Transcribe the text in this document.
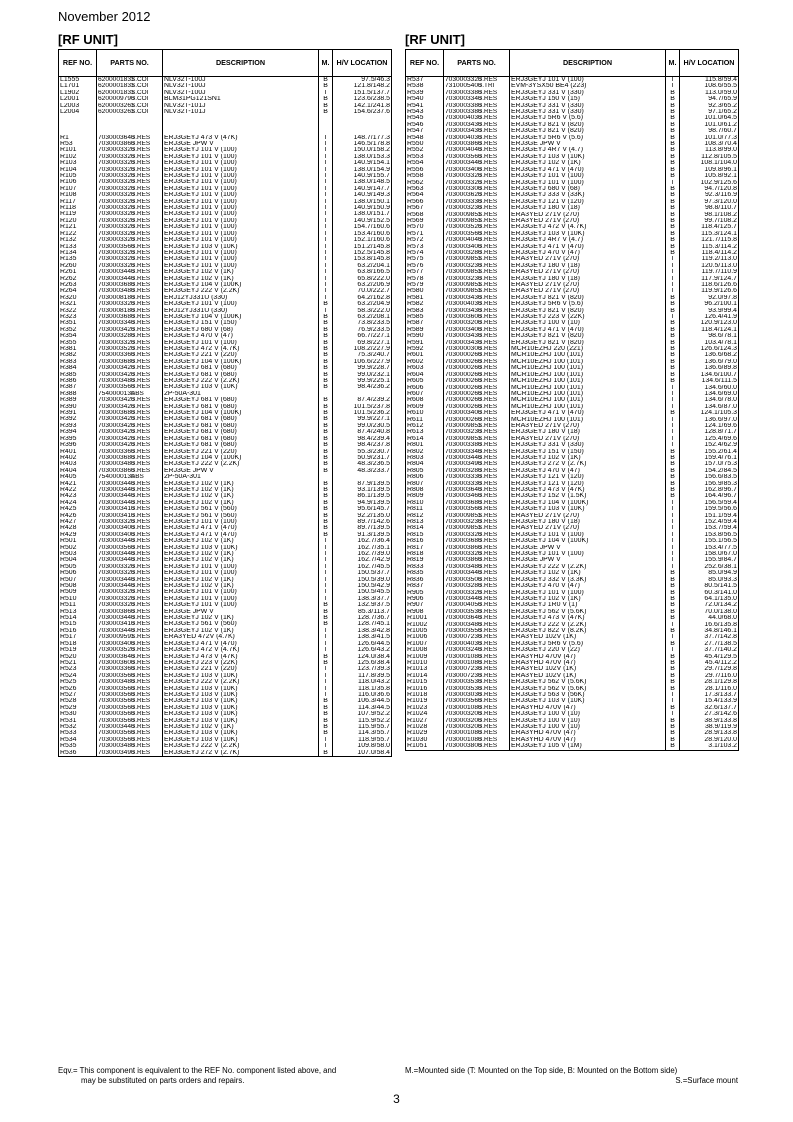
November 2012
[RF UNIT]	[RF UNIT]
REF NO.	PARTS NO.	DESCRIPTION	M.	H/V LOCATION
L1555	6200001831S.COI	NLV32T-100J	B	97.5/46.3
L1701	6200001831S.COI	NLV32T-100J	B	121.8/148.2
L1902	6200001831S.COI	NLV32T-100J	T	151.5/137.7
L2001	6200009790S.COI	BLM31PG121SN1	B	123.6/238.5
L2003	6200003261S.COI	NLV32T-101J	B	142.1/241.8
L2004	6200003261S.COI	NLV32T-101J	B	154.6/237.6

R1	7030003640S.RES	ERJ3GEYJ 473 V (47K)	T	148.7/177.3
R53	7030003860S.RES	ERJ3GE JPW V	T	146.5/178.8
R101	7030003320S.RES	ERJ3GEYJ 101 V (100)	T	150.0/158.2
R102	7030003320S.RES	ERJ3GEYJ 101 V (100)	T	138.0/153.3
R103	7030003320S.RES	ERJ3GEYJ 101 V (100)	T	140.9/154.1
R104	7030003320S.RES	ERJ3GEYJ 101 V (100)	T	138.0/154.9
R105	7030003320S.RES	ERJ3GEYJ 101 V (100)	T	140.9/155.7
R106	7030003320S.RES	ERJ3GEYJ 101 V (100)	T	138.0/148.5
R107	7030003320S.RES	ERJ3GEYJ 101 V (100)	T	140.9/147.7
R108	7030003320S.RES	ERJ3GEYJ 101 V (100)	T	140.9/149.3
R117	7030003320S.RES	ERJ3GEYJ 101 V (100)	T	138.0/150.1
R118	7030003320S.RES	ERJ3GEYJ 101 V (100)	T	140.9/150.9
R119	7030003320S.RES	ERJ3GEYJ 101 V (100)	T	138.0/151.7
R120	7030003320S.RES	ERJ3GEYJ 101 V (100)	T	140.9/152.5
R121	7030003320S.RES	ERJ3GEYJ 101 V (100)	T	154.7/160.6
R122	7030003320S.RES	ERJ3GEYJ 101 V (100)	T	153.4/160.6
R132	7030003320S.RES	ERJ3GEYJ 101 V (100)	T	152.1/160.6
R133	7030003560S.RES	ERJ3GEYJ 103 V (10K)	T	151.2/145.8
R134	7030003320S.RES	ERJ3GEYJ 101 V (100)	T	152.5/145.8
R135	7030003320S.RES	ERJ3GEYJ 101 V (100)	T	153.8/145.8
R260	7030003320S.RES	ERJ3GEYJ 101 V (100)	T	63.2/204.1
R261	7030003440S.RES	ERJ3GEYJ 102 V (1K)	T	63.8/166.5
R262	7030003440S.RES	ERJ3GEYJ 102 V (1K)	T	65.8/222.0
R263	7030003680S.RES	ERJ3GEYJ 104 V (100K)	T	63.2/206.9
R264	7030003480S.RES	ERJ3GEYJ 222 V (2.2K)	T	70.0/222.7
R320	7030008180S.RES	ERJ12YJ331U (330)	T	64.2/162.8
R321	7030003320S.RES	ERJ3GEYJ 101 V (100)	B	63.2/204.9
R322	7030008180S.RES	ERJ12YJ331U (330)	T	58.3/222.0
R323	7030003680S.RES	ERJ3GEYJ 104 V (100K)	B	63.2/208.1
R351	7030003340S.RES	ERJ3GEYJ 151 V (150)	B	73.8/233.5
R352	7030003420S.RES	ERJ3GEYJ 680 V (68)	B	76.9/233.5
R354	7030003280S.RES	ERJ3GEYJ 470 V (47)	B	66.7/227.1
R355	7030003320S.RES	ERJ3GEYJ 101 V (100)	B	69.8/227.1
R381	7030003520S.RES	ERJ3GEYJ 472 V (4.7K)	B	108.2/227.9
R382	7030003360S.RES	ERJ3GEYJ 221 V (220)	B	75.3/240.7
R383	7030003680S.RES	ERJ3GEYJ 104 V (100K)	B	106.6/227.9
R384	7030003420S.RES	ERJ3GEYJ 681 V (680)	B	99.9/228.7
R385	7030003420S.RES	ERJ3GEYJ 681 V (680)	B	99.0/232.1
R386	7030003480S.RES	ERJ3GEYJ 222 V (2.2K)	B	99.9/225.1
R387	7030003560S.RES	ERJ3GEYJ 103 V (10K)	B	98.4/236.2
R388	7540000130ABS	2P-50A-301		
R389	7030003420S.RES	ERJ3GEYJ 681 V (680)	B	87.4/239.2
R390	7030003420S.RES	ERJ3GEYJ 681 V (680)	B	101.5/237.8
R391	7030003680S.RES	ERJ3GEYJ 104 V (100K)	B	101.5/236.2
R392	7030003420S.RES	ERJ3GEYJ 681 V (680)	B	99.9/227.1
R393	7030003420S.RES	ERJ3GEYJ 681 V (680)	B	99.0/230.5
R394	7030003420S.RES	ERJ3GEYJ 681 V (680)	B	87.4/240.8
R395	7030003420S.RES	ERJ3GEYJ 681 V (680)	B	98.4/239.4
R396	7030003420S.RES	ERJ3GEYJ 681 V (680)	B	98.4/237.8
R401	7030003360S.RES	ERJ3GEYJ 221 V (220)	B	55.3/230.7
R402	7030003680S.RES	ERJ3GEYJ 104 V (100K)	B	50.9/231.7
R403	7030003480S.RES	ERJ3GEYJ 222 V (2.2K)	B	48.3/236.5
R404	7030003860S.RES	ERJ3GE JPW V	B	48.3/233.7
R405	7540000130ABS	2P-50A-301		
R421	7030003440S.RES	ERJ3GEYJ 102 V (1K)	B	87.9/139.5
R422	7030003440S.RES	ERJ3GEYJ 102 V (1K)	B	93.1/139.5
R423	7030003440S.RES	ERJ3GEYJ 102 V (1K)	B	86.1/139.5
R424	7030003440S.RES	ERJ3GEYJ 102 V (1K)	B	94.9/139.5
R425	7030003410S.RES	ERJ3GEYJ 561 V (560)	B	95.6/145.7
R426	7030003410S.RES	ERJ3GEYJ 561 V (560)	B	92.2/135.0
R427	7030003320S.RES	ERJ3GEYJ 101 V (100)	B	89.7/142.6
R428	7030003400S.RES	ERJ3GEYJ 471 V (470)	B	89.7/139.5
R429	7030003400S.RES	ERJ3GEYJ 471 V (470)	B	91.3/139.5
R501	7030003440S.RES	ERJ3GEYJ 102 V (1K)	T	162.7/36.4
R502	7030003560S.RES	ERJ3GEYJ 103 V (10K)	T	162.7/35.1
R503	7030003440S.RES	ERJ3GEYJ 102 V (1K)	T	162.7/39.0
R504	7030003440S.RES	ERJ3GEYJ 102 V (1K)	T	162.7/42.9
R505	7030003320S.RES	ERJ3GEYJ 101 V (100)	T	162.7/45.5
R506	7030003320S.RES	ERJ3GEYJ 101 V (100)	T	150.5/37.7
R507	7030003440S.RES	ERJ3GEYJ 102 V (1K)	T	150.5/39.0
R508	7030003440S.RES	ERJ3GEYJ 102 V (1K)	T	150.5/42.9
R509	7030003320S.RES	ERJ3GEYJ 101 V (100)	T	150.5/45.5
R510	7030003320S.RES	ERJ3GEYJ 101 V (100)	T	138.3/37.7
R511	7030003320S.RES	ERJ3GEYJ 101 V (100)	B	132.9/37.5
R513	7030003860S.RES	ERJ3GE JPW V	B	85.3/113.7
R514	7030003440S.RES	ERJ3GEYJ 102 V (1K)	B	128.7/36.7
R515	7030003410S.RES	ERJ3GEYJ 561 V (560)	B	128.7/45.1
R516	7030003440S.RES	ERJ3GEYJ 102 V (1K)	T	138.3/42.8
R517	7030009591S.RES	ERA3YED 472V (4.7K)	T	138.3/41.5
R518	7030003400S.RES	ERJ3GEYJ 471 V (470)	T	126.6/44.5
R519	7030003520S.RES	ERJ3GEYJ 472 V (4.7K)	T	126.6/43.2
R520	7030003640S.RES	ERJ3GEYJ 473 V (47K)	B	124.0/38.4
R521	7030003600S.RES	ERJ3GEYJ 223 V (22K)	B	125.6/38.4
R523	7030003360S.RES	ERJ3GEYJ 221 V (220)	T	123.7/39.3
R524	7030003560S.RES	ERJ3GEYJ 103 V (10K)	T	117.8/39.5
R525	7030003480S.RES	ERJ3GEYJ 222 V (2.2K)	T	118.0/43.2
R526	7030003560S.RES	ERJ3GEYJ 103 V (10K)	T	118.1/35.8
R527	7030003560S.RES	ERJ3GEYJ 103 V (10K)	T	116.0/36.6
R528	7030003560S.RES	ERJ3GEYJ 103 V (10K)	B	106.3/44.5
R529	7030003560S.RES	ERJ3GEYJ 103 V (10K)	B	114.3/44.5
R530	7030003560S.RES	ERJ3GEYJ 103 V (10K)	B	107.9/52.2
R531	7030003560S.RES	ERJ3GEYJ 103 V (10K)	B	115.9/52.2
R532	7030003440S.RES	ERJ3GEYJ 102 V (1K)	B	115.9/55.7
R533	7030003560S.RES	ERJ3GEYJ 103 V (10K)	B	114.3/55.7
R534	7030003560S.RES	ERJ3GEYJ 103 V (10K)	T	118.9/55.7
R535	7030003480S.RES	ERJ3GEYJ 222 V (2.2K)	T	109.8/58.0
R536	7030003490S.RES	ERJ3GEYJ 272 V (2.7K)	B	107.0/58.4
REF NO.	PARTS NO.	DESCRIPTION	M.	H/V LOCATION
R537	7030003320S.RES	ERJ3GEYJ 101 V (100)	T	115.8/59.4
R538	7310005400S.TRI	EVM-3YSX50 BE4 (223)	T	108.6/55.5
R539	7030003380S.RES	ERJ3GEYJ 331 V (330)	B	113.0/59.0
R540	7030003340S.RES	ERJ3GEYJ 150 V (15)	B	94.7/65.9
R541	7030003380S.RES	ERJ3GEYJ 331 V (330)	B	92.3/65.2
R543	7030003380S.RES	ERJ3GEYJ 331 V (330)	B	97.1/65.2
R545	7030004030S.RES	ERJ3GEYJ 5R6 V (5.6)	B	101.0/64.5
R546	7030003430S.RES	ERJ3GEYJ 821 V (820)	B	101.0/61.2
R547	7030003430S.RES	ERJ3GEYJ 821 V (820)	B	98.7/60.7
R548	7030004030S.RES	ERJ3GEYJ 5R6 V (5.6)	B	101.0/77.3
R550	7030003860S.RES	ERJ3GE JPW V	B	108.3/70.4
R552	7030004040S.RES	ERJ3GEYJ 4R7 V (4.7)	B	113.8/99.0
R553	7030003560S.RES	ERJ3GEYJ 103 V (10K)	B	112.8/105.5
R554	7030003440S.RES	ERJ3GEYJ 102 V (1K)	B	108.1/104.0
R556	7030003400S.RES	ERJ3GEYJ 471 V (470)	B	109.8/96.1
R558	7030003320S.RES	ERJ3GEYJ 101 V (100)	B	105.8/92.1
R562	7030003320S.RES	ERJ3GEYJ 101 V (100)	T	102.9/125.6
R563	7030003300S.RES	ERJ3GEYJ 680 V (68)	B	94.7/120.8
R564	7030003620S.RES	ERJ3GEYJ 333 V (33K)	B	92.3/116.9
R566	7030003330S.RES	ERJ3GEYJ 121 V (120)	B	97.3/120.0
R567	7030003230S.RES	ERJ3GEYJ 180 V (18)	B	98.8/110.7
R568	7030009851S.RES	ERA3YED 271V (270)	B	98.1/108.2
R569	7030009851S.RES	ERA3YED 271V (270)	B	99.7/108.2
R570	7030003520S.RES	ERJ3GEYJ 472 V (4.7K)	B	118.4/125.7
R571	7030003560S.RES	ERJ3GEYJ 103 V (10K)	B	115.3/124.1
R572	7030004040S.RES	ERJ3GEYJ 4R7 V (4.7)	B	121.7/115.8
R573	7030003400S.RES	ERJ3GEYJ 471 V (470)	B	115.3/114.2
R574	7030003280S.RES	ERJ3GEYJ 470 V (47)	B	118.4/114.2
R575	7030009851S.RES	ERA3YED 271V (270)	T	119.2/113.0
R576	7030003230S.RES	ERJ3GEYJ 180 V (18)	T	120.5/113.0
R577	7030009851S.RES	ERA3YED 271V (270)	T	119.7/110.9
R578	7030003230S.RES	ERJ3GEYJ 180 V (18)	T	117.9/124.7
R579	7030009851S.RES	ERA3YED 271V (270)	T	118.6/126.6
R580	7030009851S.RES	ERA3YED 271V (270)	T	119.9/126.6
R581	7030003430S.RES	ERJ3GEYJ 821 V (820)	B	92.0/97.8
R582	7030004030S.RES	ERJ3GEYJ 5R6 V (5.6)	B	96.2/100.1
R583	7030003430S.RES	ERJ3GEYJ 821 V (820)	B	93.9/99.4
R585	7030003600S.RES	ERJ3GEYJ 223 V (22K)	T	126.4/41.9
R587	7030003200S.RES	ERJ3GEYJ 100 V (10)	B	120.9/123.0
R589	7030003400S.RES	ERJ3GEYJ 471 V (470)	B	118.4/124.1
R590	7030003430S.RES	ERJ3GEYJ 821 V (820)	B	98.6/78.1
R591	7030003430S.RES	ERJ3GEYJ 821 V (820)	B	103.4/78.1
R592	7030000300S.RES	MCR10EZHJ 220 (221)	B	126.6/124.3
R601	7030000260S.RES	MCR10EZHJ 100 (101)	B	136.6/68.2
R602	7030000260S.RES	MCR10EZHJ 100 (101)	B	136.6/79.0
R603	7030000260S.RES	MCR10EZHJ 100 (101)	B	136.6/89.8
R604	7030000260S.RES	MCR10EZHJ 100 (101)	B	134.6/100.7
R605	7030000260S.RES	MCR10EZHJ 100 (101)	B	134.6/111.5
R606	7030000260S.RES	MCR10EZHJ 100 (101)	T	134.6/60.0
R607	7030000260S.RES	MCR10EZHJ 100 (101)	T	134.6/69.0
R608	7030000260S.RES	MCR10EZHJ 100 (101)	T	134.6/78.0
R609	7030000260S.RES	MCR10EZHJ 100 (101)	T	134.6/87.0
R610	7030003400S.RES	ERJ3GEYJ 471 V (470)	B	124.1/105.3
R611	7030000260S.RES	MCR10EZHJ 100 (101)	T	136.6/97.0
R612	7030009851S.RES	ERA3YED 271V (270)	T	124.1/69.6
R613	7030003230S.RES	ERJ3GEYJ 180 V (18)	T	128.8/71.7
R614	7030009851S.RES	ERA3YED 271V (270)	T	125.4/69.6
R801	7030003380S.RES	ERJ3GEYJ 331 V (330)	T	152.4/62.9
R802	7030003340S.RES	ERJ3GEYJ 151 V (150)	B	155.2/61.4
R803	7030003440S.RES	ERJ3GEYJ 102 V (1K)	B	159.4/76.1
R804	7030003490S.RES	ERJ3GEYJ 272 V (2.7K)	B	157.0/75.3
R805	7030003280S.RES	ERJ3GEYJ 470 V (47)	B	154.2/84.5
R806	7030003330S.RES	ERJ3GEYJ 121 V (120)	B	156.6/83.5
R807	7030003330S.RES	ERJ3GEYJ 121 V (120)	B	156.9/85.3
R808	7030003640S.RES	ERJ3GEYJ 473 V (47K)	B	162.8/96.7
R809	7030003460S.RES	ERJ3GEYJ 152 V (1.5K)	B	164.4/96.7
R810	7030003680S.RES	ERJ3GEYJ 104 V (100K)	T	156.5/59.4
R811	7030003560S.RES	ERJ3GEYJ 103 V (10K)	T	159.5/56.6
R812	7030009851S.RES	ERA3YED 271V (270)	T	151.1/59.4
R813	7030003230S.RES	ERJ3GEYJ 180 V (18)	T	152.4/59.4
R814	7030009851S.RES	ERA3YED 271V (270)	T	153.7/59.4
R815	7030003320S.RES	ERJ3GEYJ 101 V (100)	T	153.8/56.5
R816	7030003680S.RES	ERJ3GEYJ 104 V (100K)	T	155.1/56.5
R817	7030003860S.RES	ERJ3GE JPW V	T	153.4/77.5
R818	7030003320S.RES	ERJ3GEYJ 101 V (100)	T	158.0/67.0
R819	7030003860S.RES	ERJ3GE JPW V	T	155.9/84.7
R833	7030003480S.RES	ERJ3GEYJ 222 V (2.2K)	T	252.6/38.1
R835	7030003440S.RES	ERJ3GEYJ 102 V (1K)	B	85.0/94.9
R836	7030003500S.RES	ERJ3GEYJ 332 V (3.3K)	B	85.0/93.3
R837	7030003280S.RES	ERJ3GEYJ 470 V (47)	B	80.5/141.5
R905	7030003320S.RES	ERJ3GEYJ 101 V (100)	B	60.3/141.0
R906	7030003440S.RES	ERJ3GEYJ 102 V (1K)	B	64.1/135.0
R907	7030004050S.RES	ERJ3GEYJ 1R0 V (1)	B	72.0/134.2
R908	7030003530S.RES	ERJ3GEYJ 562 V (5.6K)	B	70.0/138.0
R1001	7030003640S.RES	ERJ3GEYJ 473 V (47K)	B	44.0/68.0
R1002	7030003480S.RES	ERJ3GEYJ 222 V (2.2K)	T	16.6/135.8
R1005	7030003550S.RES	ERJ3GEYJ 822 V (8.2K)	B	34.8/146.1
R1006	7030007230S.RES	ERA3YED 102V (1K)	T	37.7/142.8
R1007	7030004030S.RES	ERJ3GEYJ 5R6 V (5.6)	B	27.7/138.5
R1008	7030003240S.RES	ERJ3GEYJ 220 V (22)	T	37.7/140.2
R1009	7030001080S.RES	ERA3YHD 470V (47)	B	45.4/129.5
R1010	7030001080S.RES	ERA3YHD 470V (47)	B	45.4/112.2
R1013	7030007230S.RES	ERA3YED 102V (1K)	B	29.7/129.8
R1014	7030007230S.RES	ERA3YED 102V (1K)	B	29.7/116.0
R1015	7030003530S.RES	ERJ3GEYJ 562 V (5.6K)	B	28.1/129.8
R1016	7030003530S.RES	ERJ3GEYJ 562 V (5.6K)	B	28.1/116.0
R1018	7030003030S.RES	ERJ3GEYJ 563 V (56K)	T	17.3/133.7
R1019	7030003560S.RES	ERJ3GEYJ 103 V (10K)	T	15.4/133.9
R1023	7030001080S.RES	ERA3YHD 470V (47)	B	32.6/137.7
R1024	7030003200S.RES	ERJ3GEYJ 100 V (10)	T	27.3/142.6
R1027	7030003200S.RES	ERJ3GEYJ 100 V (10)	B	38.9/133.8
R1028	7030003200S.RES	ERJ3GEYJ 100 V (10)	B	38.9/119.9
R1029	7030001080S.RES	ERA3YHD 470V (47)	B	28.9/133.8
R1030	7030001080S.RES	ERA3YHD 470V (47)	B	28.9/120.0
R1051	7030003800S.RES	ERJ3GEYJ 105 V (1M)	B	3.1/103.2
Eqv.= This component is equivalent to the REF No. component listed above, and
may be substituted on parts orders and repairs.
M.=Mounted side (T: Mounted on the Top side, B: Mounted on the Bottom side)
S.=Surface mount
3
